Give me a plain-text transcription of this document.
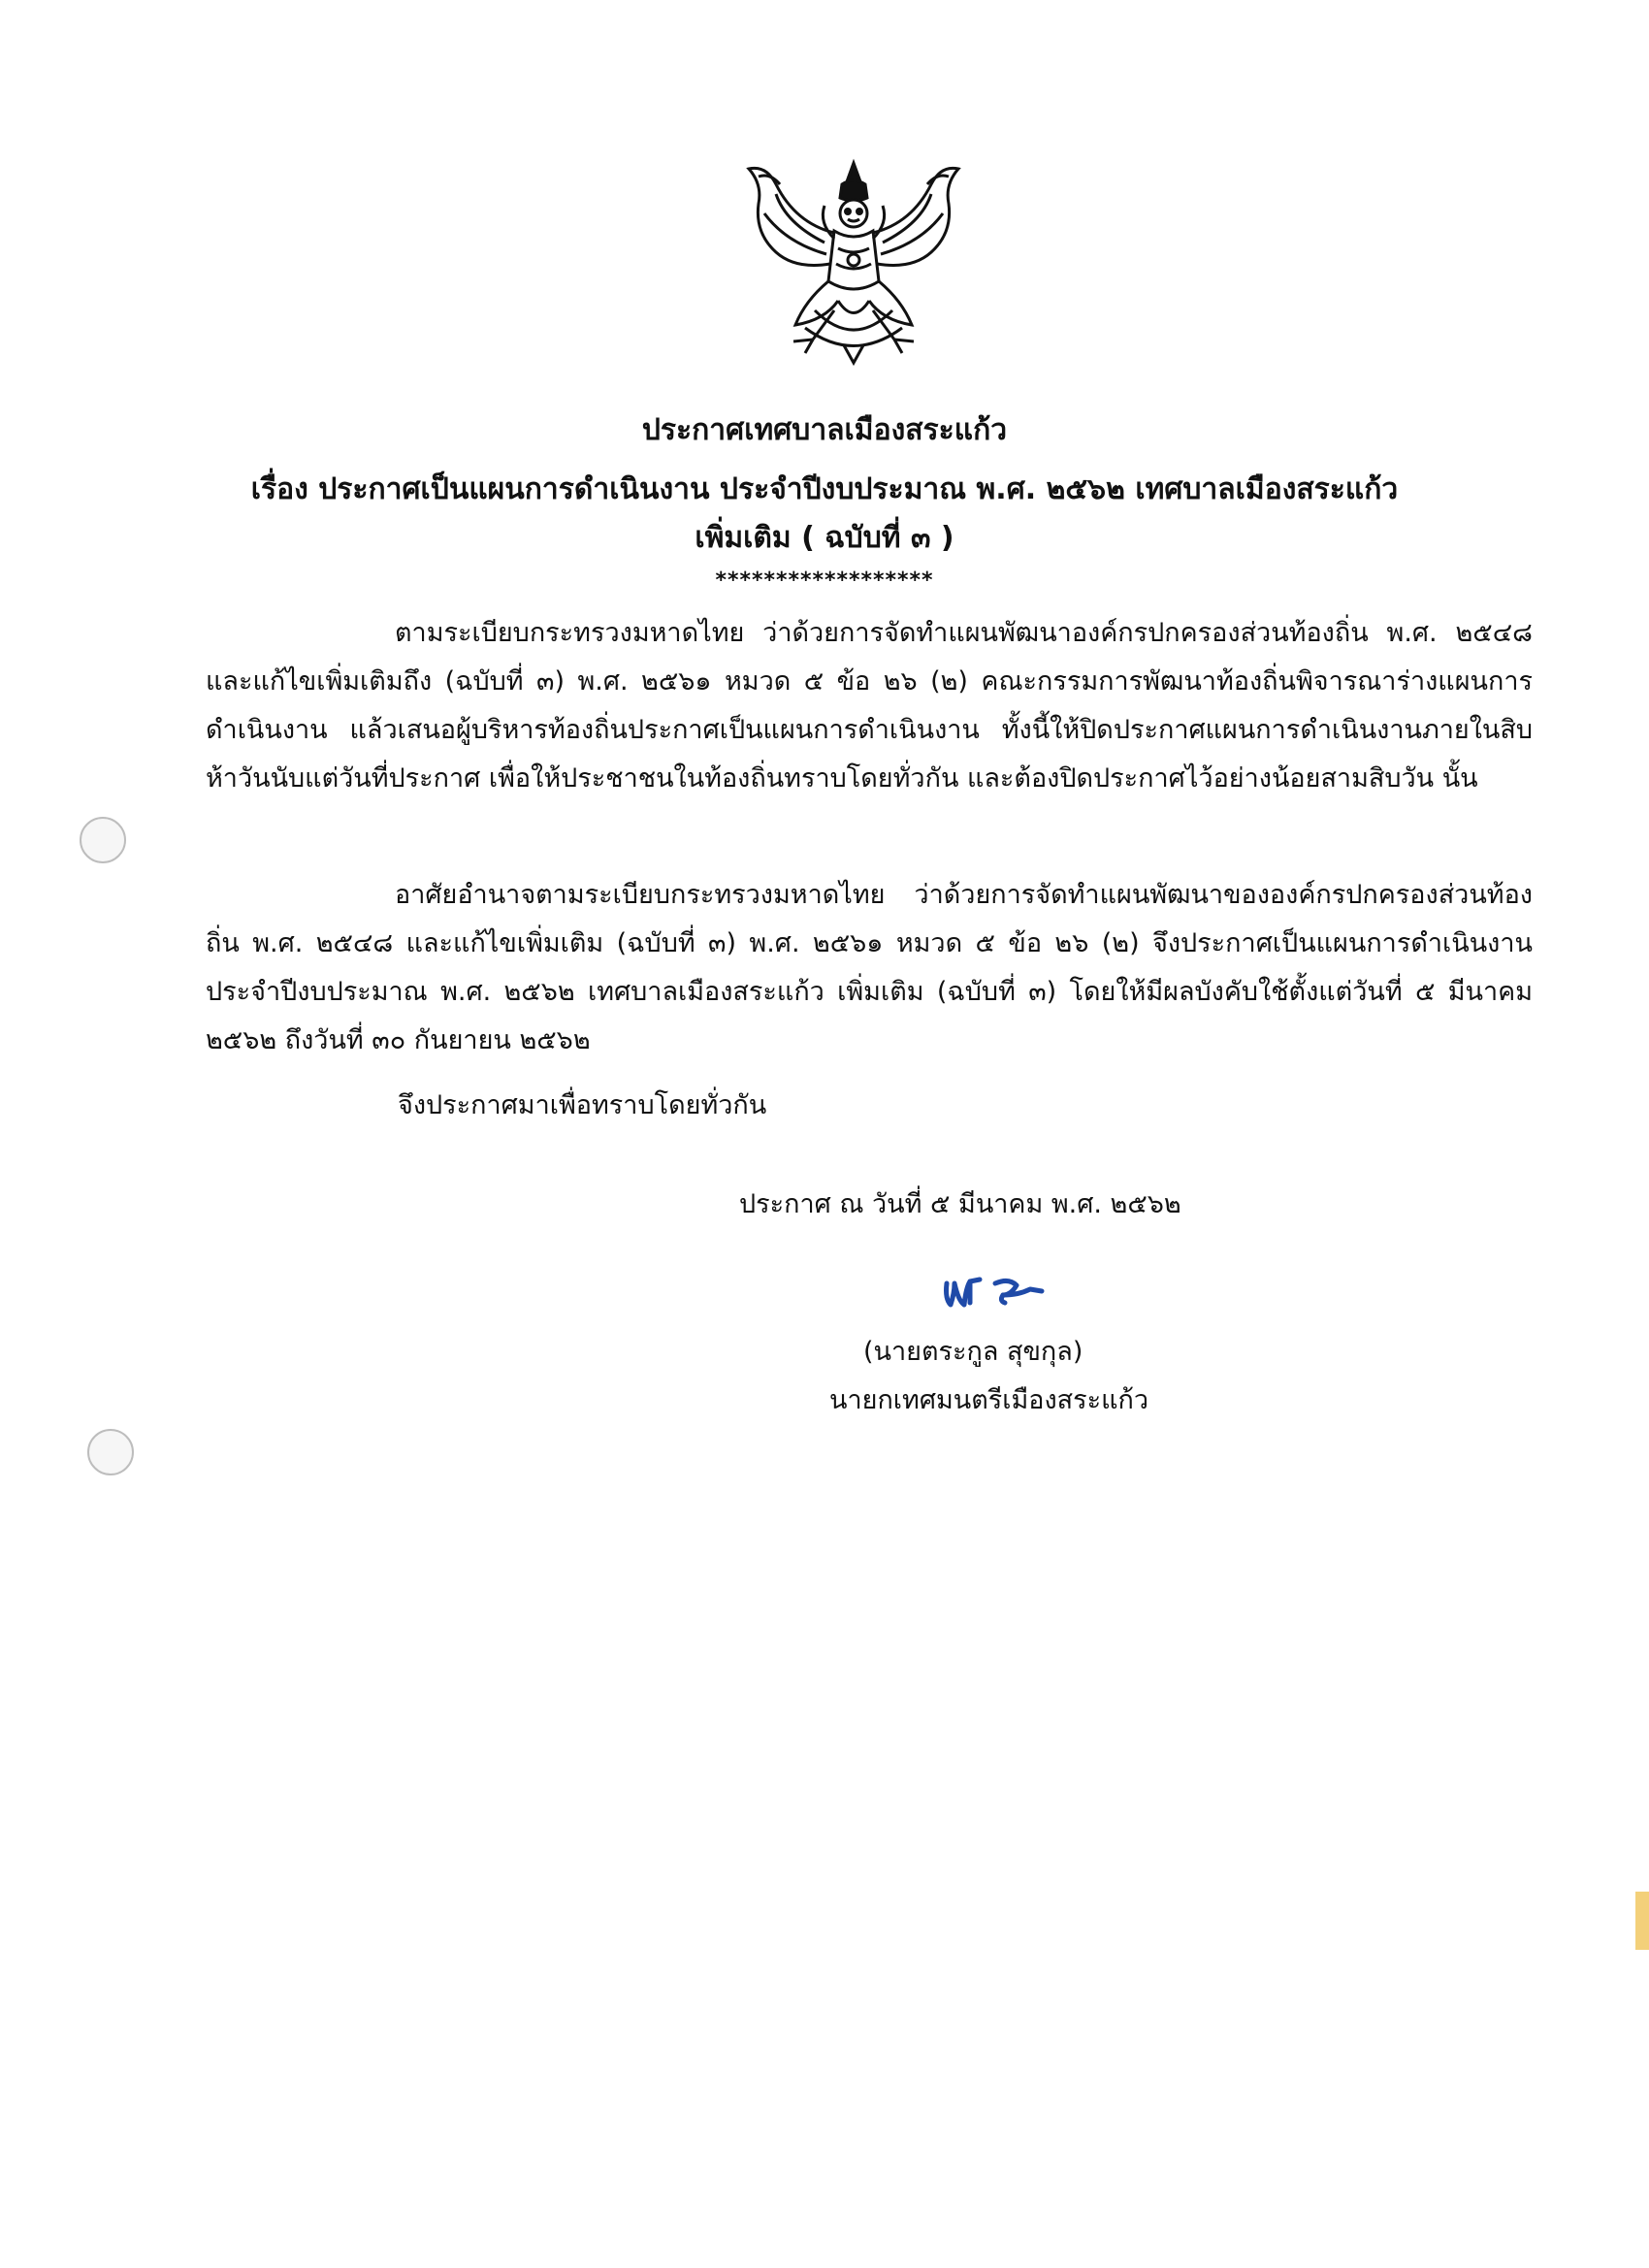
ประกาศเทศบาลเมืองสระแก้ว
เรื่อง ประกาศเป็นแผนการดำเนินงาน ประจำปีงบประมาณ พ.ศ. ๒๕๖๒ เทศบาลเมืองสระแก้ว
เพิ่มเติม ( ฉบับที่ ๓ )
******************
ตามระเบียบกระทรวงมหาดไทย ว่าด้วยการจัดทำแผนพัฒนาองค์กรปกครองส่วนท้องถิ่น พ.ศ. ๒๕๔๘ และแก้ไขเพิ่มเติมถึง (ฉบับที่ ๓) พ.ศ. ๒๕๖๑ หมวด ๕ ข้อ ๒๖ (๒) คณะกรรมการพัฒนาท้องถิ่นพิจารณาร่างแผนการดำเนินงาน แล้วเสนอผู้บริหารท้องถิ่นประกาศเป็นแผนการดำเนินงาน ทั้งนี้ให้ปิดประกาศแผนการดำเนินงานภายในสิบห้าวันนับแต่วันที่ประกาศ เพื่อให้ประชาชนในท้องถิ่นทราบโดยทั่วกัน และต้องปิดประกาศไว้อย่างน้อยสามสิบวัน นั้น
อาศัยอำนาจตามระเบียบกระทรวงมหาดไทย ว่าด้วยการจัดทำแผนพัฒนาขององค์กรปกครองส่วนท้องถิ่น พ.ศ. ๒๕๔๘ และแก้ไขเพิ่มเติม (ฉบับที่ ๓) พ.ศ. ๒๕๖๑ หมวด ๕ ข้อ ๒๖ (๒) จึงประกาศเป็นแผนการดำเนินงาน ประจำปีงบประมาณ พ.ศ. ๒๕๖๒ เทศบาลเมืองสระแก้ว เพิ่มเติม (ฉบับที่ ๓) โดยให้มีผลบังคับใช้ตั้งแต่วันที่ ๕ มีนาคม ๒๕๖๒ ถึงวันที่ ๓๐ กันยายน ๒๕๖๒
จึงประกาศมาเพื่อทราบโดยทั่วกัน
ประกาศ ณ วันที่ ๕ มีนาคม พ.ศ. ๒๕๖๒
(นายตระกูล สุขกุล)
นายกเทศมนตรีเมืองสระแก้ว
